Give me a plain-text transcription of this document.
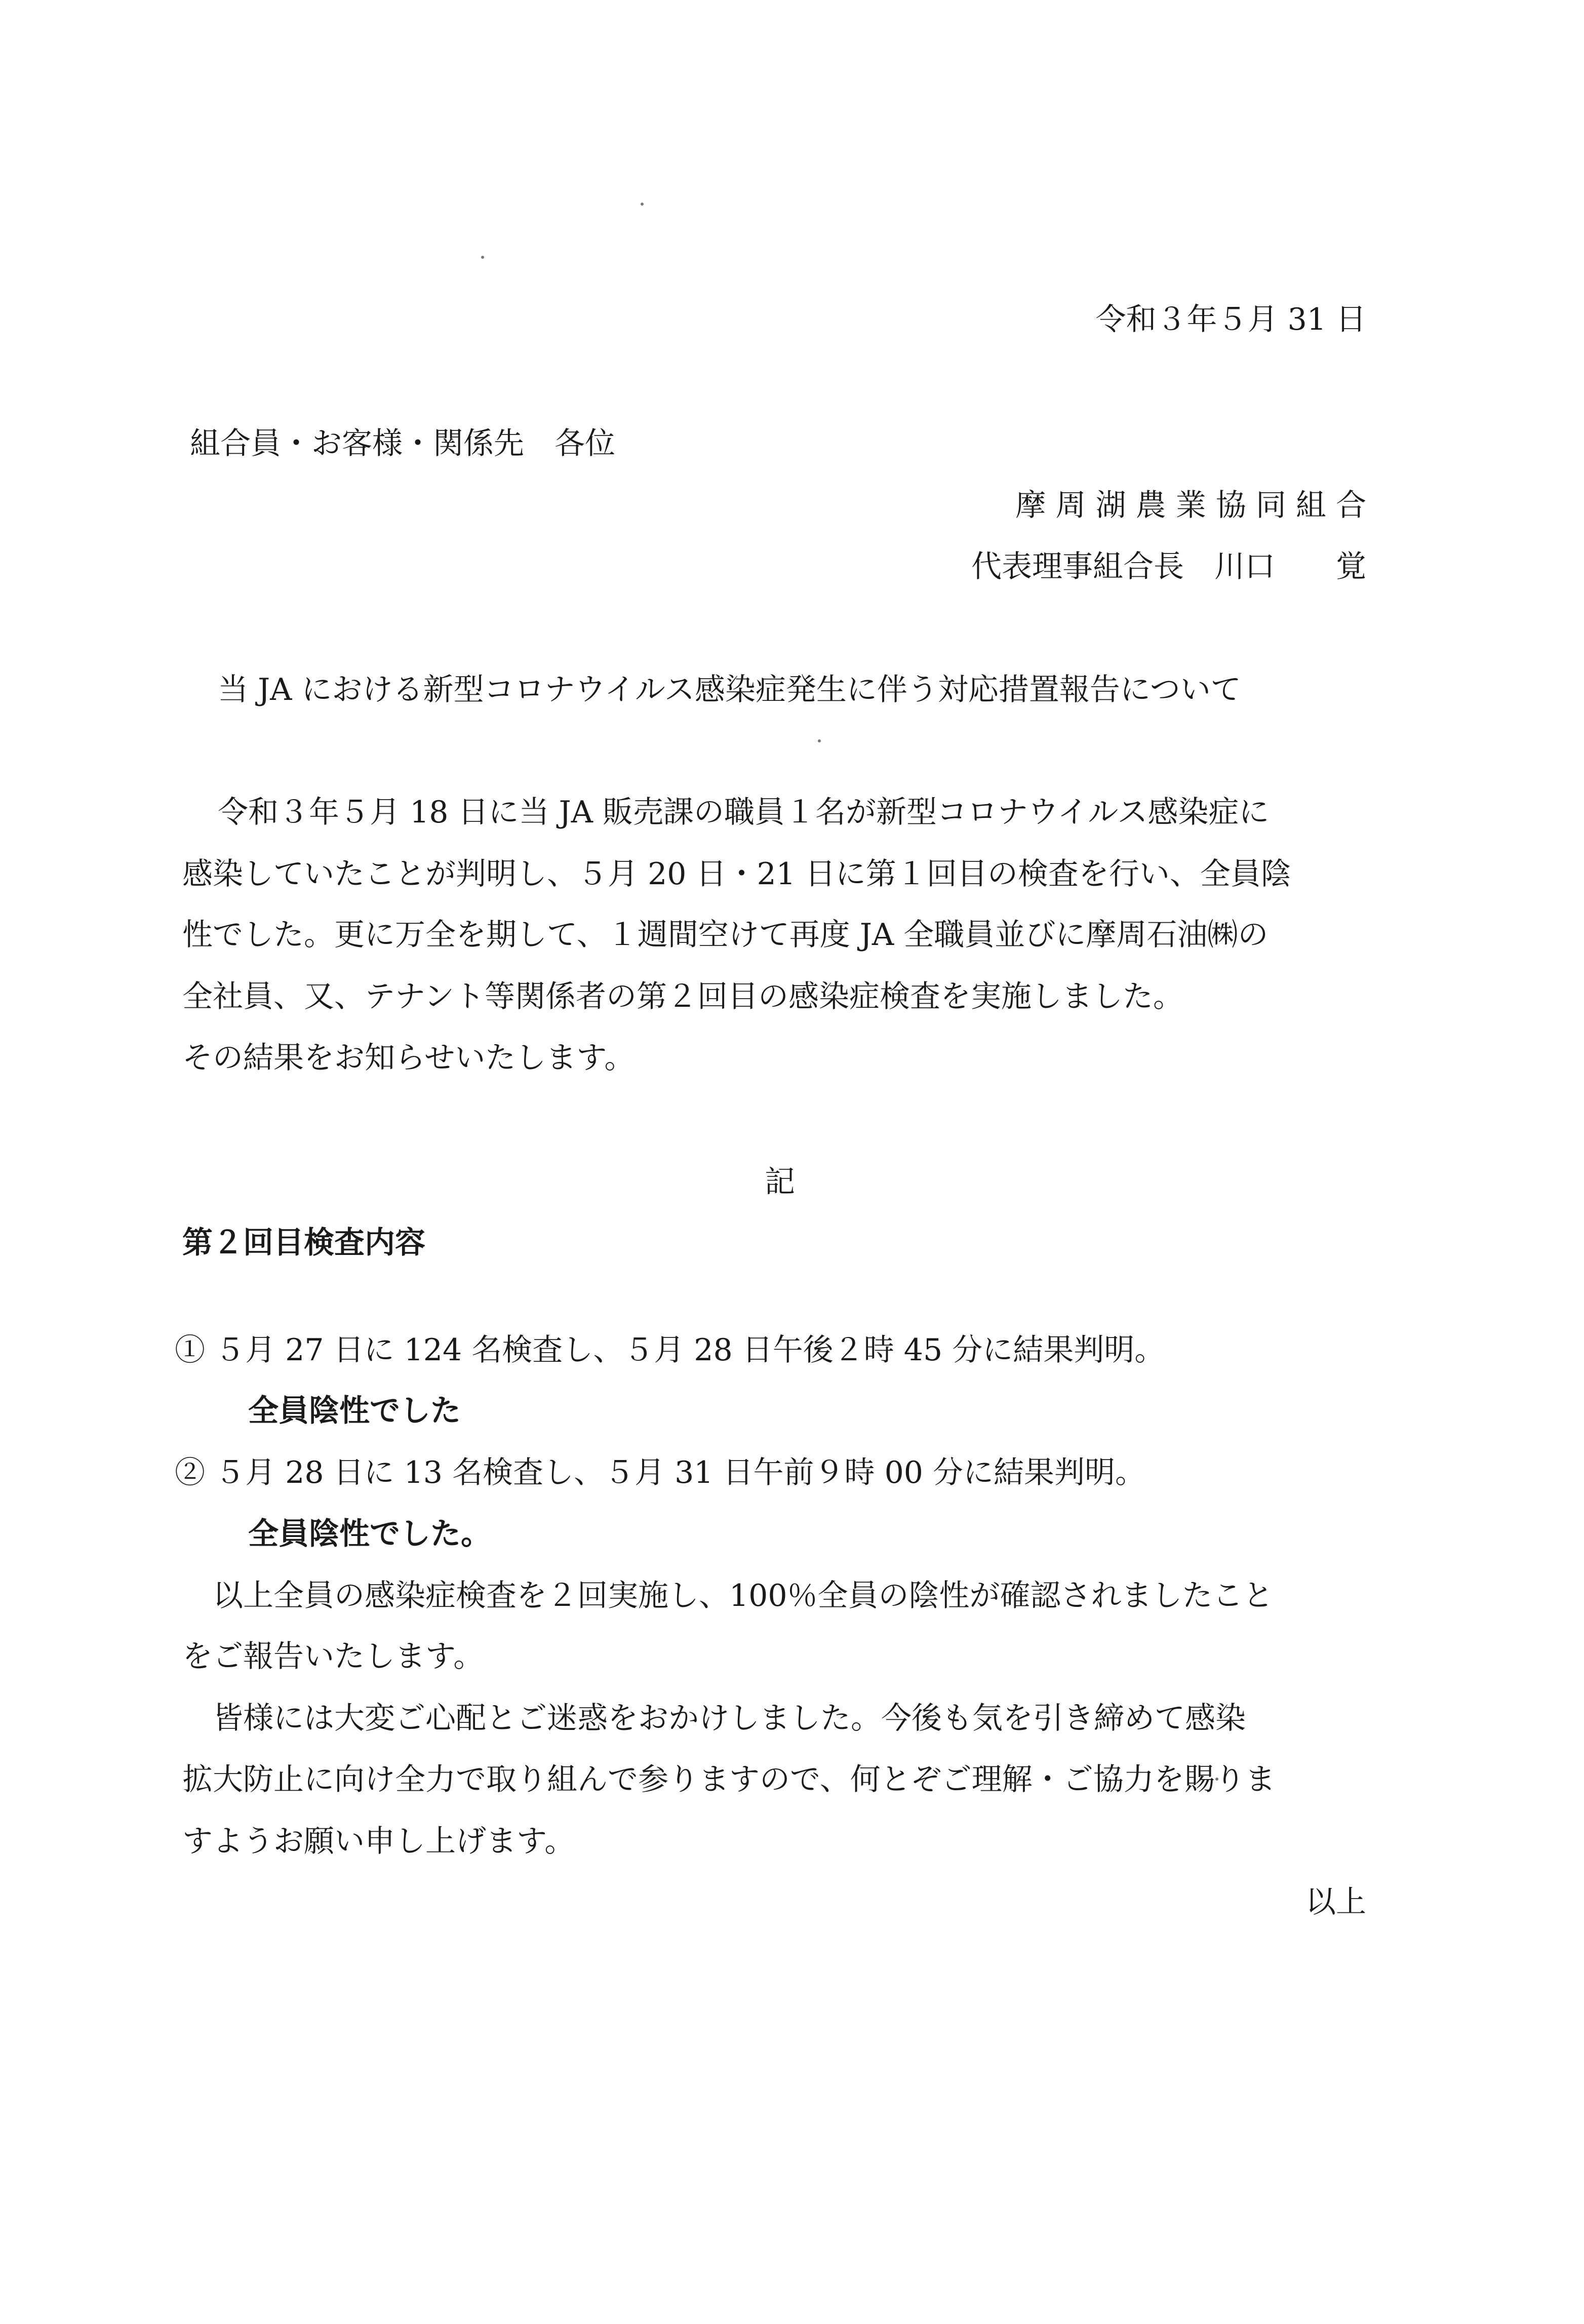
令和３年５月 31 日
組合員・お客様・関係先　各位
摩 周 湖 農 業 協 同 組 合
代表理事組合長　川口　　覚
当 JA における新型コロナウイルス感染症発生に伴う対応措置報告について
令和３年５月 18 日に当 JA 販売課の職員１名が新型コロナウイルス感染症に
感染していたことが判明し、５月 20 日・21 日に第１回目の検査を行い、全員陰
性でした。更に万全を期して、１週間空けて再度 JA 全職員並びに摩周石油㈱の
全社員、又、テナント等関係者の第２回目の感染症検査を実施しました。
その結果をお知らせいたします。
記
第２回目検査内容
① ５月 27 日に 124 名検査し、５月 28 日午後２時 45 分に結果判明。
全員陰性でした
② ５月 28 日に 13 名検査し、５月 31 日午前９時 00 分に結果判明。
全員陰性でした。
以上全員の感染症検査を２回実施し、100％全員の陰性が確認されましたこと
をご報告いたします。
皆様には大変ご心配とご迷惑をおかけしました。今後も気を引き締めて感染
拡大防止に向け全力で取り組んで参りますので、何とぞご理解・ご協力を賜りま
すようお願い申し上げます。
以上
